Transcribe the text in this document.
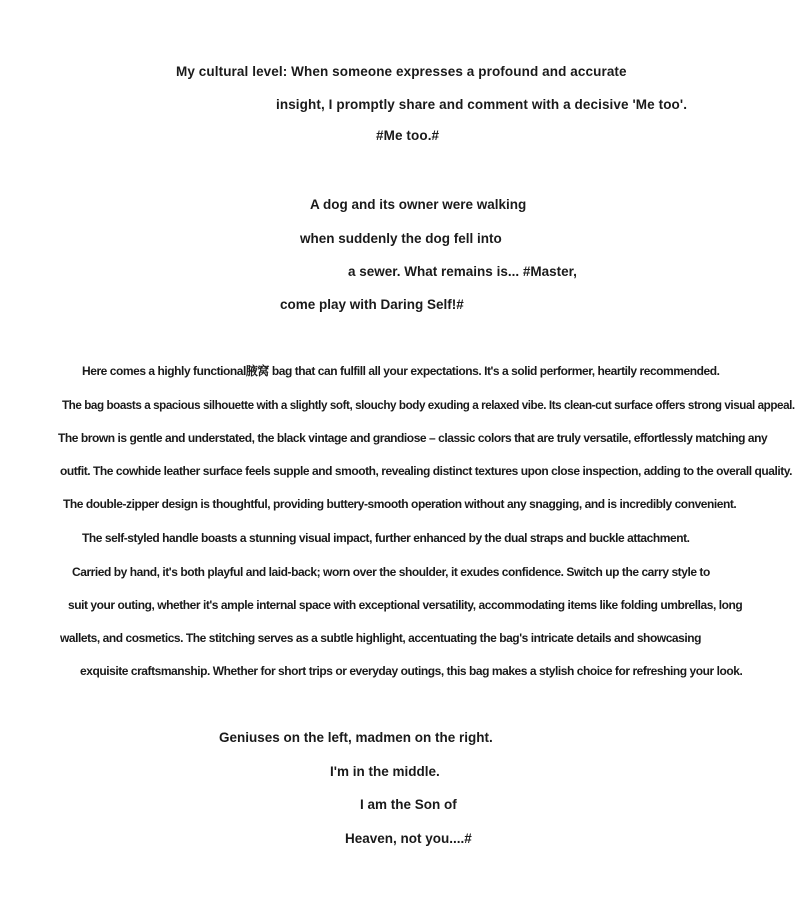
My cultural level: When someone expresses a profound and accurate
insight, I promptly share and comment with a decisive 'Me too'.
#Me too.#
A dog and its owner were walking
when suddenly the dog fell into
a sewer. What remains is... #Master,
come play with Daring Self!#
Here comes a highly functional腋窝 bag that can fulfill all your expectations. It's a solid performer, heartily recommended.
The bag boasts a spacious silhouette with a slightly soft, slouchy body exuding a relaxed vibe. Its clean-cut surface offers strong visual appeal.
The brown is gentle and understated, the black vintage and grandiose – classic colors that are truly versatile, effortlessly matching any
outfit. The cowhide leather surface feels supple and smooth, revealing distinct textures upon close inspection, adding to the overall quality.
The double-zipper design is thoughtful, providing buttery-smooth operation without any snagging, and is incredibly convenient.
The self-styled handle boasts a stunning visual impact, further enhanced by the dual straps and buckle attachment.
Carried by hand, it's both playful and laid-back; worn over the shoulder, it exudes confidence. Switch up the carry style to
suit your outing, whether it's ample internal space with exceptional versatility, accommodating items like folding umbrellas, long
wallets, and cosmetics. The stitching serves as a subtle highlight, accentuating the bag's intricate details and showcasing
exquisite craftsmanship. Whether for short trips or everyday outings, this bag makes a stylish choice for refreshing your look.
Geniuses on the left, madmen on the right.
I'm in the middle.
I am the Son of
Heaven, not you....#
